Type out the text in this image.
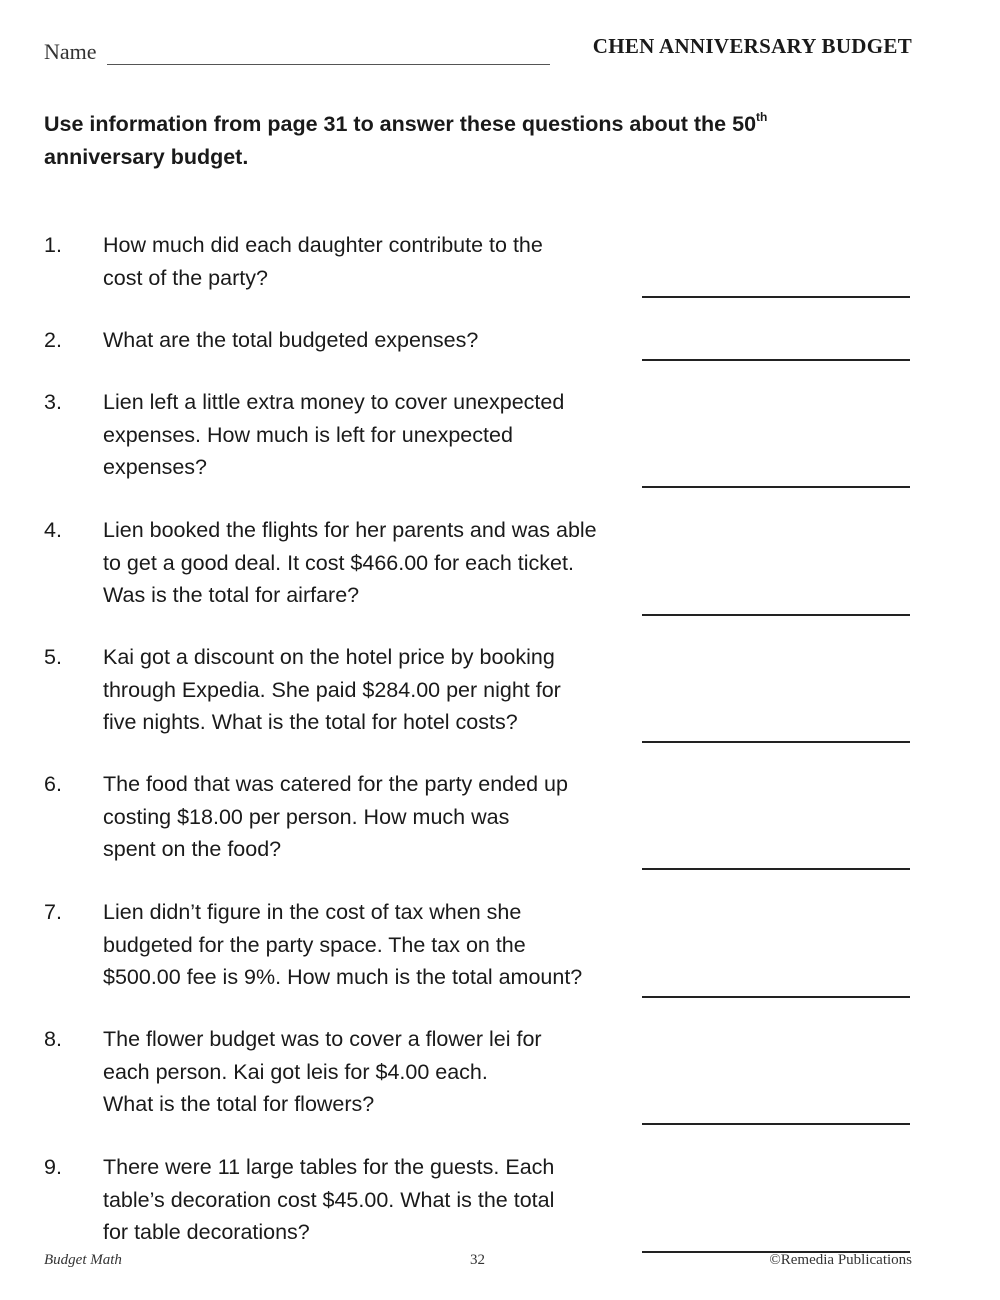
Name	CHEN ANNIVERSARY BUDGET
Use information from page 31 to answer these questions about the 50th
anniversary budget.
1. How much did each daughter contribute to the
cost of the party?
2. What are the total budgeted expenses?
3. Lien left a little extra money to cover unexpected
expenses. How much is left for unexpected
expenses?
4. Lien booked the flights for her parents and was able
to get a good deal. It cost $466.00 for each ticket.
Was is the total for airfare?
5. Kai got a discount on the hotel price by booking
through Expedia. She paid $284.00 per night for
five nights. What is the total for hotel costs?
6. The food that was catered for the party ended up
costing $18.00 per person. How much was
spent on the food?
7. Lien didn’t figure in the cost of tax when she
budgeted for the party space. The tax on the
$500.00 fee is 9%. How much is the total amount?
8. The flower budget was to cover a flower lei for
each person. Kai got leis for $4.00 each.
What is the total for flowers?
9. There were 11 large tables for the guests. Each
table’s decoration cost $45.00. What is the total
for table decorations?
Budget Math	32	©Remedia Publications
